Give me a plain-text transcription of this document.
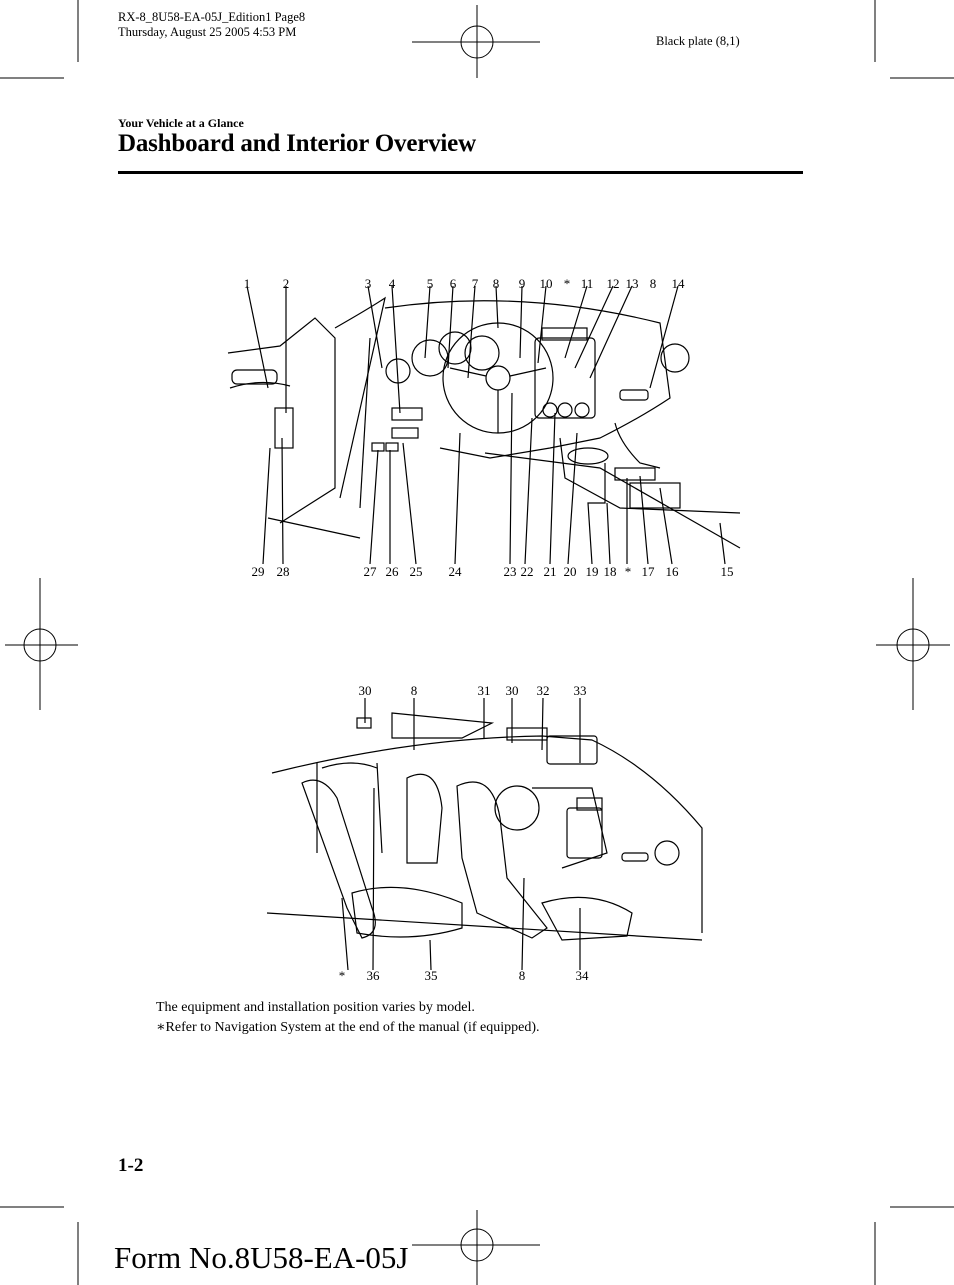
RX-8_8U58-EA-05J_Edition1 Page8
Thursday, August 25 2005 4:53 PM
Black plate (8,1)
Your Vehicle at a Glance
Dashboard and Interior Overview
1	2	3 4 5 6 7 8 9 10 * 11 12 13 8 14
29 28	27 26 25 24	23 22 21 20 19 18 * 17 16	15
30	8	31 30 32 33
* 36	35	8	34
The equipment and installation position varies by model.
∗Refer to Navigation System at the end of the manual (if equipped).
1-2
Form No.8U58-EA-05J
